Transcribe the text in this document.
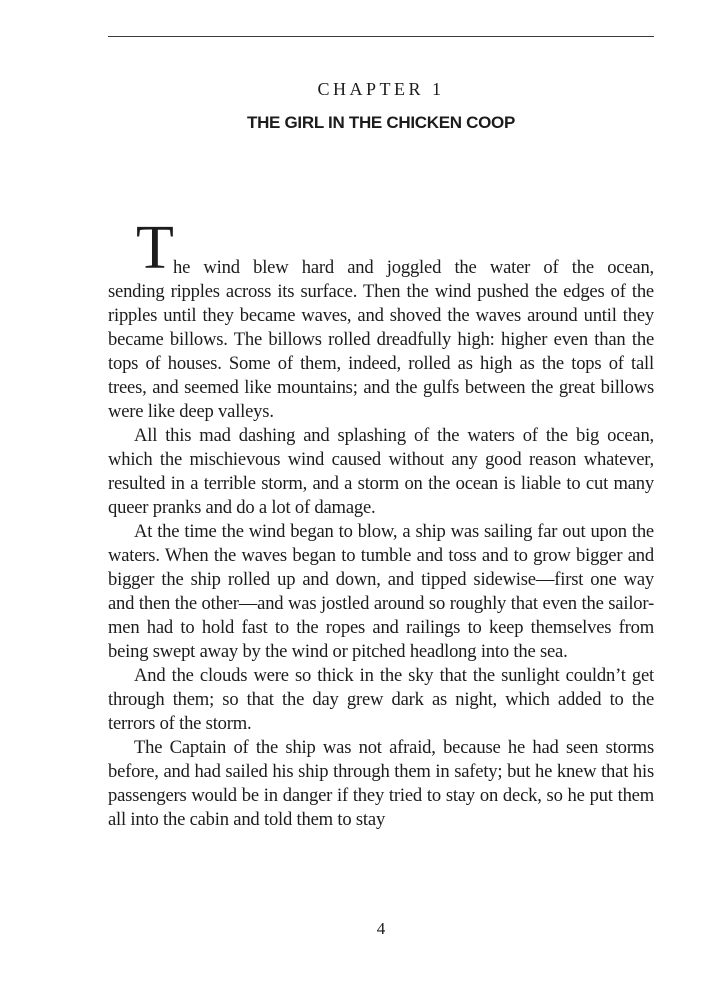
CHAPTER 1
THE GIRL IN THE CHICKEN COOP

T he wind blew hard and joggled the water of the ocean,
sending ripples across its surface. Then the wind pushed the edges of the ripples until they became waves, and shoved the waves around until they became billows. The billows rolled dreadfully high: higher even than the tops of houses. Some of them, indeed, rolled as high as the tops of tall trees, and seemed like mountains; and the gulfs between the great billows were like deep valleys.

All this mad dashing and splashing of the waters of the big ocean, which the mischievous wind caused without any good reason whatever, resulted in a terrible storm, and a storm on the ocean is liable to cut many queer pranks and do a lot of damage.

At the time the wind began to blow, a ship was sailing far out upon the waters. When the waves began to tumble and toss and to grow bigger and bigger the ship rolled up and down, and tipped sidewise—first one way and then the other—and was jostled around so roughly that even the sailor-men had to hold fast to the ropes and railings to keep themselves from being swept away by the wind or pitched headlong into the sea.

And the clouds were so thick in the sky that the sunlight couldn’t get through them; so that the day grew dark as night, which added to the terrors of the storm.

The Captain of the ship was not afraid, because he had seen storms before, and had sailed his ship through them in safety; but he knew that his passengers would be in danger if they tried to stay on deck, so he put them all into the cabin and told them to stay

4
